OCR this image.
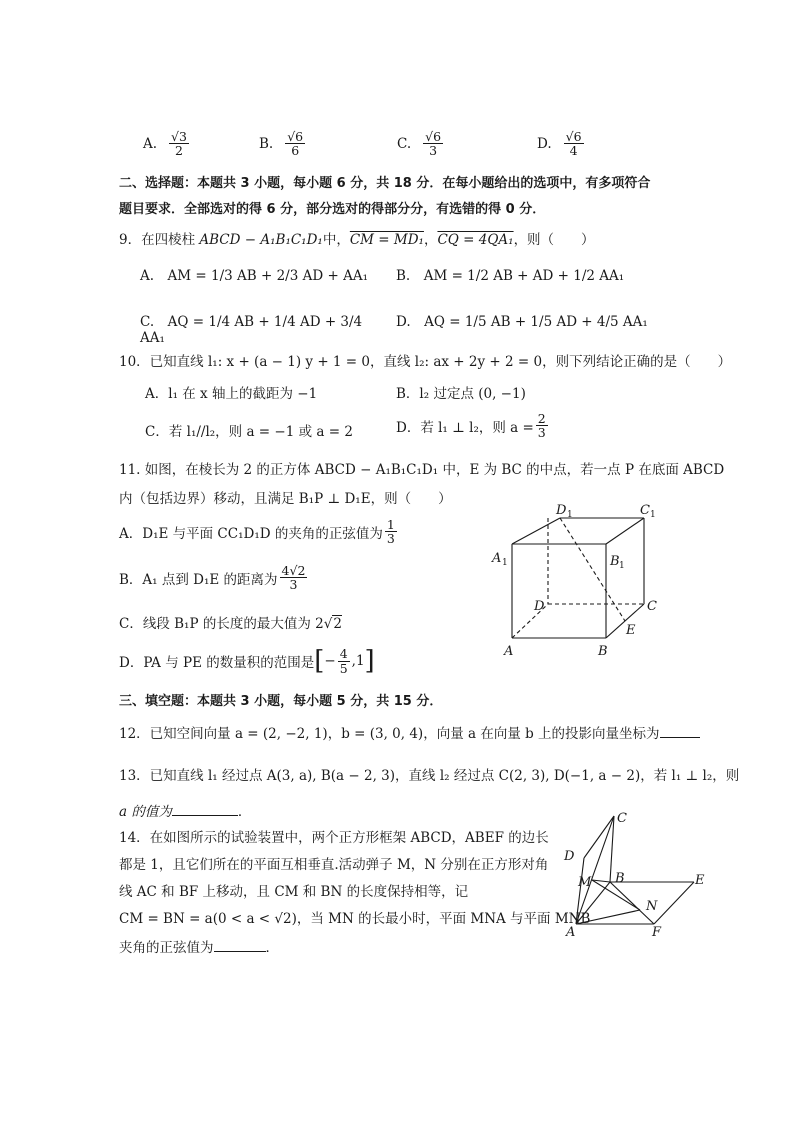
A. $\frac{√3}{2}$	B. $\frac{√6}{6}$	C. $\frac{√6}{3}$	D. $\frac{√6}{4}$
二、选择题：本题共 3 小题，每小题 6 分，共 18 分．在每小题给出的选项中，有多项符合
题目要求．全部选对的得 6 分，部分选对的得部分分，有选错的得 0 分．
9．在四棱柱 ABCD − A₁B₁C₁D₁中，CM = MD₁，CQ = 4QA₁，则（　　）
A.　AM = 1/3 AB + 2/3 AD + AA₁	B.　AM = 1/2 AB + AD + 1/2 AA₁
C.　AQ = 1/4 AB + 1/4 AD + 3/4 AA₁
D.　AQ = 1/5 AB + 1/5 AD + 4/5 AA₁
10．已知直线 l₁: x + (a − 1) y + 1 = 0，直线 l₂: ax + 2y + 2 = 0，则下列结论正确的是（　　）
A．l₁ 在 x 轴上的截距为 −1	B．l₂ 过定点 (0, −1)
C．若 l₁//l₂，则 a = −1 或 a = 2	D．若 l₁ ⊥ l₂，则 $a = \frac{2}{3}$
11. 如图，在棱长为 2 的正方体 ABCD − A₁B₁C₁D₁ 中，E 为 BC 的中点，若一点 P 在底面 ABCD
内（包括边界）移动，且满足 B₁P ⊥ D₁E，则（　　）
A．D₁E 与平面 CC₁D₁D 的夹角的正弦值为 $\frac{1}{3}$
B．A₁ 点到 D₁E 的距离为 $\frac{4√2}{3}$
C．线段 B₁P 的长度的最大值为 2√2
D．PA 与 PE 的数量积的范围是 [ − $\frac{4}{5} ,1$ ]
D 1	C 1
A 1	B 1
D	C
E
A	B
三、填空题：本题共 3 小题，每小题 5 分，共 15 分．
12．已知空间向量 a = (2, −2, 1)，b = (3, 0, 4)，向量 a 在向量 b 上的投影向量坐标为
13．已知直线 l₁ 经过点 A(3, a), B(a − 2, 3)，直线 l₂ 经过点 C(2, 3), D(−1, a − 2)，若 l₁ ⊥ l₂，则
a 的值为	．
14．在如图所示的试验装置中，两个正方形框架 ABCD，ABEF 的边长
都是 1，且它们所在的平面互相垂直.活动弹子 M，N 分别在正方形对角
线 AC 和 BF 上移动，且 CM 和 BN 的长度保持相等，记
CM = BN = a(0 < a < √2)，当 MN 的长最小时，平面 MNA 与平面 MNB
夹角的正弦值为	．
C
D
M B	E
N
A	F
